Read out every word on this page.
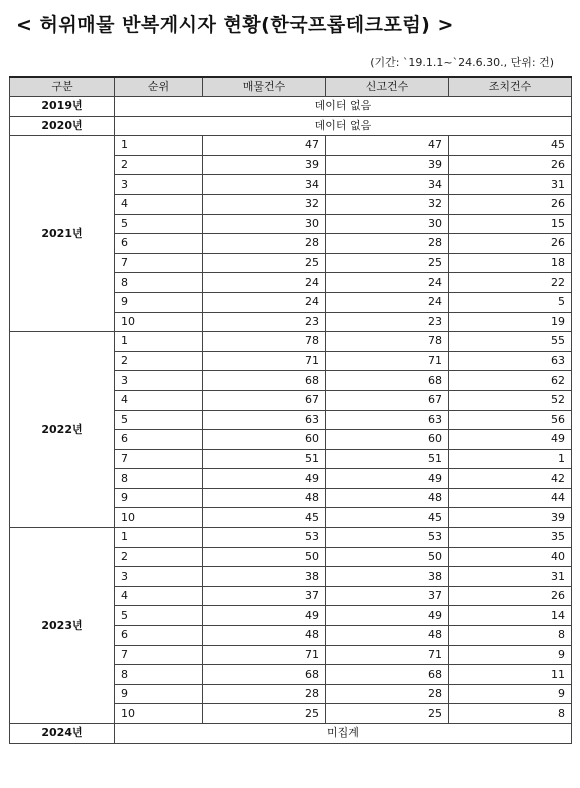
< 허위매물 반복게시자 현황(한국프롭테크포럼) >
(기간: `19.1.1~`24.6.30., 단위: 건)
구분	순위	매물건수	신고건수	조치건수
2019년	데이터 없음			
2020년	데이터 없음			
2021년	1	47	47	45
	2	39	39	26
	3	34	34	31
	4	32	32	26
	5	30	30	15
	6	28	28	26
	7	25	25	18
	8	24	24	22
	9	24	24	5
	10	23	23	19
2022년	1	78	78	55
	2	71	71	63
	3	68	68	62
	4	67	67	52
	5	63	63	56
	6	60	60	49
	7	51	51	1
	8	49	49	42
	9	48	48	44
	10	45	45	39
2023년	1	53	53	35
	2	50	50	40
	3	38	38	31
	4	37	37	26
	5	49	49	14
	6	48	48	8
	7	71	71	9
	8	68	68	11
	9	28	28	9
	10	25	25	8
2024년	미집계			
